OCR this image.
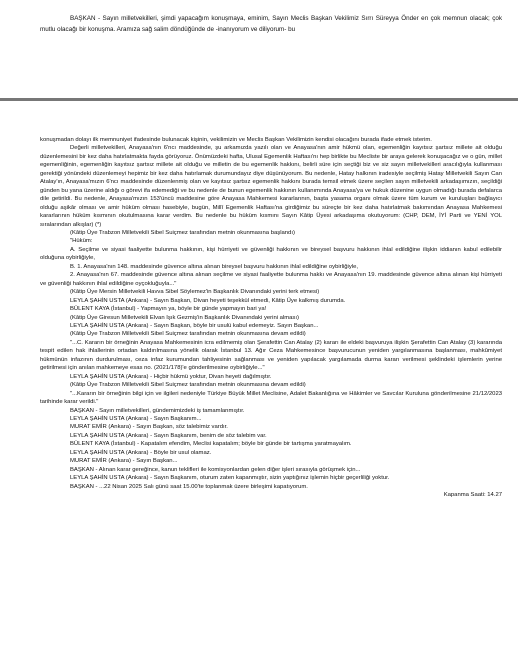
BAŞKAN - Sayın milletvekilleri, şimdi yapacağım konuşmaya, eminim, Sayın Meclis Başkan Vekilimiz Sırrı Süreyya Önder en çok memnun olacak; çok mutlu olacağı bir konuşma. Aramıza sağ salim döndüğünde de -inanıyorum ve diliyorum- bu

konuşmadan dolayı ilk memnuniyet ifadesinde bulunacak kişinin, vekilimizin ve Meclis Başkan Vekilimizin kendisi olacağını burada ifade etmek isterim.

Değerli milletvekilleri, Anayasa'nın 6'ncı maddesinde, şu arkamızda yazılı olan ve Anayasa'nın amir hükmü olan, egemenliğin kayıtsız şartsız millete ait olduğu düzenlemesini bir kez daha hatırlatmakta fayda görüyoruz. Önümüzdeki hafta, Ulusal Egemenlik Haftası'nı hep birlikte bu Mecliste bir araya gelerek konuşacağız ve o gün, millet egemenliğinin, egemenliğin kayıtsız şartsız millete ait olduğu ve milletin de bu egemenlik hakkını, belirli süre için seçtiği biz ve siz sayın milletvekilleri aracılığıyla kullanması gerektiği yönündeki düzenlemeyi hepimiz bir kez daha hatırlamak durumundayız diye düşünüyorum. Bu nedenle, Hatay halkının iradesiyle seçilmiş Hatay Milletvekili Sayın Can Atalay'ın, Anayasa'mızın 6'ncı maddesinde düzenlenmiş olan ve kayıtsız şartsız egemenlik hakkını burada temsil etmek üzere seçilen sayın milletvekili arkadaşımızın, seçildiği günden bu yana üzerine aldığı o görevi ifa edemediği ve bu nedenle de bunun egemenlik hakkının kullanımında Anayasa'ya ve hukuk düzenine uygun olmadığı burada defalarca dile getirildi. Bu nedenle, Anayasa'mızın 153'üncü maddesine göre Anayasa Mahkemesi kararlarının, başta yasama organı olmak üzere tüm kurum ve kuruluşları bağlayıcı olduğu aşikâr olması ve amir hüküm olması hasebiyle, bugün, Millî Egemenlik Haftası'na girdiğimiz bu süreçte bir kez daha hatırlatmak bakımından Anayasa Mahkemesi kararlarının hüküm kısmının okutulmasına karar verdim. Bu nedenle bu hüküm kısmını Sayın Kâtip Üyesi arkadaşıma okutuyorum: (CHP, DEM, İYİ Parti ve YENİ YOL sıralarından alkışlar) (*)

(Kâtip Üye Trabzon Milletvekili Sibel Suiçmez tarafından metnin okunmasına başlandı)

"Hüküm:

A. Seçilme ve siyasi faaliyette bulunma hakkının, kişi hürriyeti ve güvenliği hakkının ve bireysel başvuru hakkının ihlal edildiğine ilişkin iddianın kabul edilebilir olduğuna oybirliğiyle,

B. 1. Anayasa'nın 148. maddesinde güvence altına alınan bireysel başvuru hakkının ihlal edildiğine oybirliğiyle,

2. Anayasa'nın 67. maddesinde güvence altına alınan seçilme ve siyasi faaliyette bulunma hakkı ve Anayasa'nın 19. maddesinde güvence altına alınan kişi hürriyeti ve güvenliği hakkının ihlal edildiğine oyçokluğuyla..."

(Kâtip Üye Mersin Milletvekili Havva Sibel Söylemez'in Başkanlık Divanındaki yerini terk etmesi)

LEYLA ŞAHİN USTA (Ankara) - Sayın Başkan, Divan heyeti teşekkül etmedi, Kâtip Üye kalkmış durumda.

BÜLENT KAYA (İstanbul) - Yapmayın ya, böyle bir günde yapmayın bari ya!

(Kâtip Üye Giresun Milletvekili Elvan Işık Gezmiş'in Başkanlık Divanındaki yerini alması)

LEYLA ŞAHİN USTA (Ankara) - Sayın Başkan, böyle bir usulü kabul edemeyiz. Sayın Başkan...

(Kâtip Üye Trabzon Milletvekili Sibel Suiçmez tarafından metnin okunmasına devam edildi)

"...C. Kararın bir örneğinin Anayasa Mahkemesinin icra edilmemiş olan Şerafettin Can Atalay (2) kararı ile eldeki başvuruya ilişkin Şerafettin Can Atalay (3) kararında tespit edilen hak ihlallerinin ortadan kaldırılmasına yönelik olarak İstanbul 13. Ağır Ceza Mahkemesince başvurucunun yeniden yargılanmasına başlanması, mahkûmiyet hükmünün infazının durdurulması, ceza infaz kurumundan tahliyesinin sağlanması ve yeniden yapılacak yargılamada durma kararı verilmesi şeklindeki işlemlerin yerine getirilmesi için anılan mahkemeye esas no. (2021/178)'e gönderilmesine oybirliğiyle..."

LEYLA ŞAHİN USTA (Ankara) - Hiçbir hükmü yoktur, Divan heyeti dağılmıştır.

(Kâtip Üye Trabzon Milletvekili Sibel Suiçmez tarafından metnin okunmasına devam edildi)

"...Kararın bir örneğinin bilgi için ve ilgileri nedeniyle Türkiye Büyük Millet Meclisine, Adalet Bakanlığına ve Hâkimler ve Savcılar Kuruluna gönderilmesine 21/12/2023 tarihinde karar verildi."

BAŞKAN - Sayın milletvekilleri, gündemimizdeki iş tamamlanmıştır.

LEYLA ŞAHİN USTA (Ankara) - Sayın Başkanım...

MURAT EMİR (Ankara) - Sayın Başkan, söz talebimiz vardır.

LEYLA ŞAHİN USTA (Ankara) - Sayın Başkanım, benim de söz talebim var.

BÜLENT KAYA (İstanbul) - Kapatalım efendim, Meclisi kapatalım; böyle bir günde bir tartışma yaratmayalım.

LEYLA ŞAHİN USTA (Ankara) - Böyle bir usul olamaz.

MURAT EMİR (Ankara) - Sayın Başkan...

BAŞKAN - Alınan karar gereğince, kanun teklifleri ile komisyonlardan gelen diğer işleri sırasıyla görüşmek için...

LEYLA ŞAHİN USTA (Ankara) - Sayın Başkanım, oturum zaten kapanmıştır, sizin yaptığınız işlemin hiçbir geçerliliği yoktur.

BAŞKAN - ...22 Nisan 2025 Salı günü saat 15.00'te toplanmak üzere birleşimi kapatıyorum.

Kapanma Saati: 14.27
